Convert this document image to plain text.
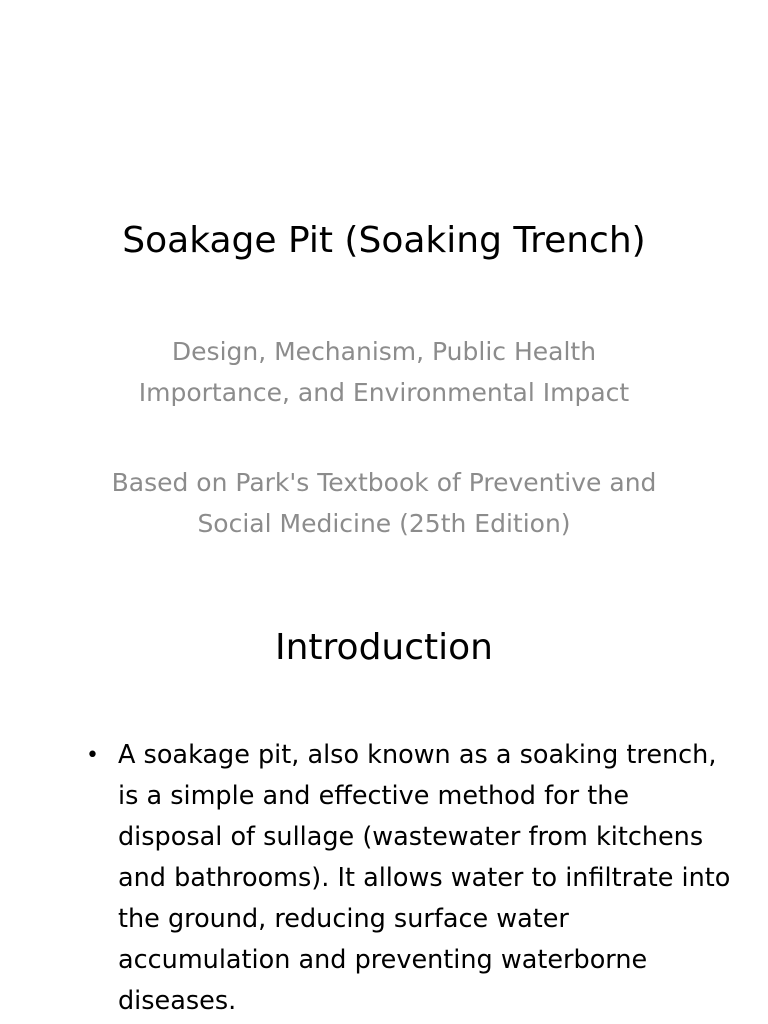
Soakage Pit (Soaking Trench)

Design, Mechanism, Public Health Importance, and Environmental Impact

Based on Park's Textbook of Preventive and Social Medicine (25th Edition)

Introduction
• A soakage pit, also known as a soaking trench, is a simple and effective method for the disposal of sullage (wastewater from kitchens and bathrooms). It allows water to infiltrate into the ground, reducing surface water accumulation and preventing waterborne diseases.
